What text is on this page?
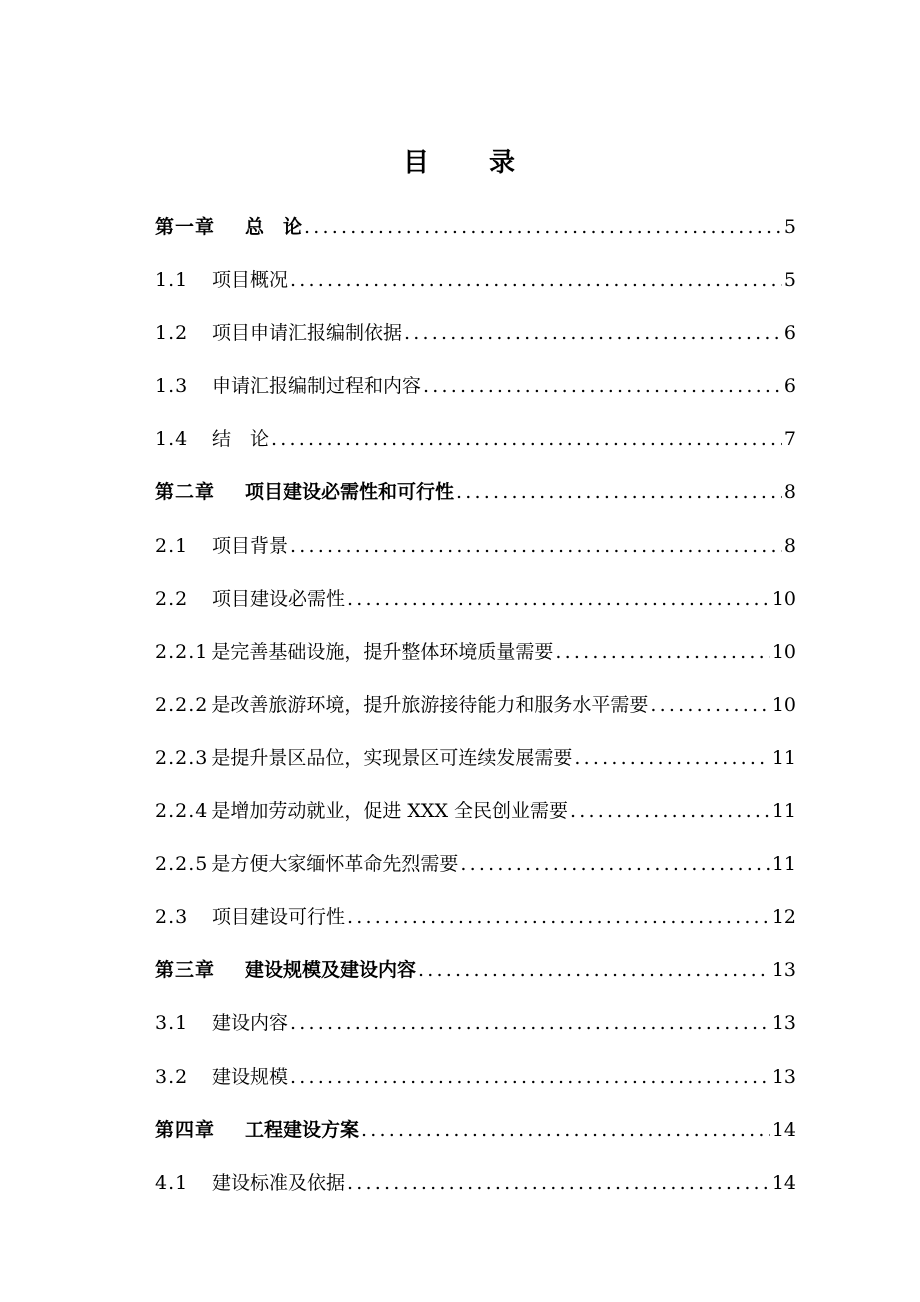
目 录
第一章	总　论 .....	5
1.1	项目概况 .....	5
1.2	项目申请汇报编制依据 .....	6
1.3	申请汇报编制过程和内容 .....	6
1.4	结　论 .....	7
第二章	项目建设必需性和可行性 .....	8
2.1	项目背景 .....	8
2.2	项目建设必需性 .....	10
2.2.1 是完善基础设施，提升整体环境质量需要 .....	10
2.2.2 是改善旅游环境，提升旅游接待能力和服务水平需要 .....	10
2.2.3 是提升景区品位，实现景区可连续发展需要 .....	11
2.2.4 是增加劳动就业，促进 XXX 全民创业需要 .....	11
2.2.5 是方便大家缅怀革命先烈需要 .....	11
2.3	项目建设可行性 .....	12
第三章	建设规模及建设内容 .....	13
3.1	建设内容 .....	13
3.2	建设规模 .....	13
第四章	工程建设方案 .....	14
4.1	建设标准及依据 .....	14
